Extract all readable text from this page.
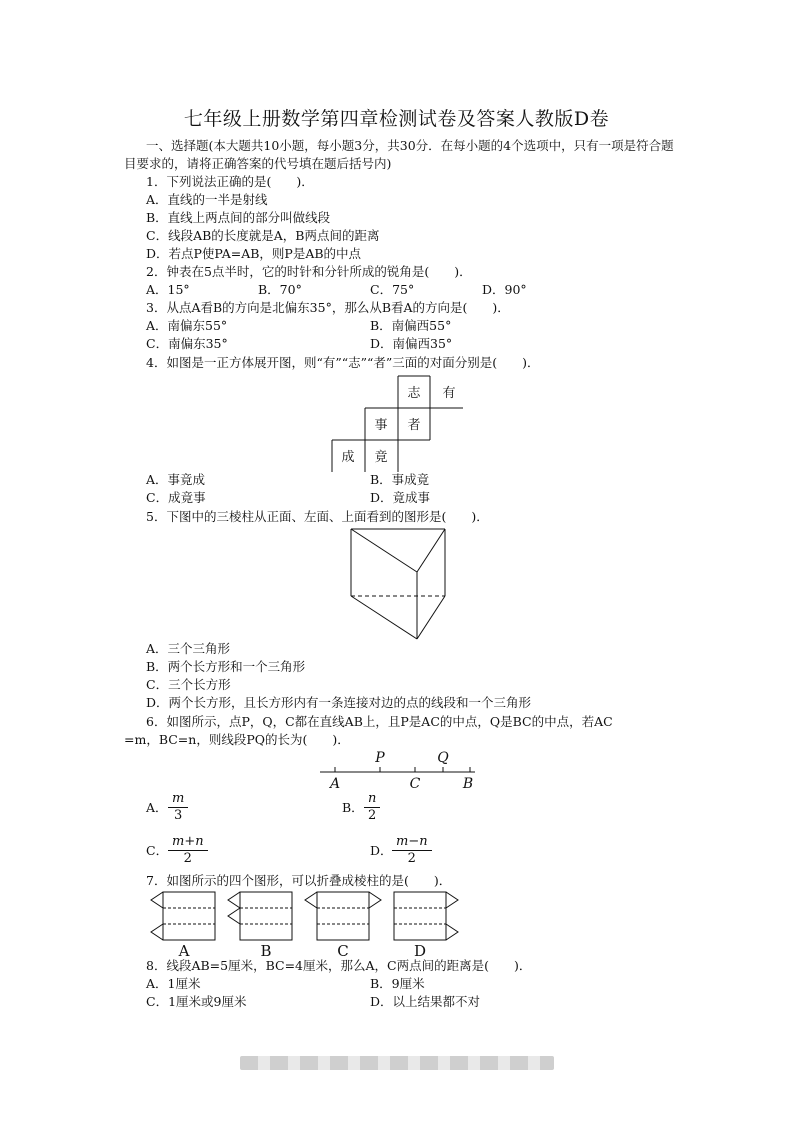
七年级上册数学第四章检测试卷及答案人教版D卷

一、选择题(本大题共10小题，每小题3分，共30分．在每小题的4个选项中，只有一项是符合题目要求的，请将正确答案的代号填在题后括号内)

1．下列说法正确的是(　　)．

A．直线的一半是射线

B．直线上两点间的部分叫做线段

C．线段AB的长度就是A，B两点间的距离

D．若点P使PA=AB，则P是AB的中点

2．钟表在5点半时，它的时针和分针所成的锐角是(　　)．

A．15°	B．70°	C．75°	D．90°

3．从点A看B的方向是北偏东35°，那么从B看A的方向是(　　)．

A．南偏东55°	B．南偏西55°

C．南偏东35°	D．南偏西35°

4．如图是一正方体展开图，则“有”“志”“者”三面的对面分别是(　　)．

志 有
事 者
成 竟

A．事竟成	B．事成竟

C．成竟事	D．竟成事

5．下图中的三棱柱从正面、左面、上面看到的图形是(　　)．

A．三个三角形

B．两个长方形和一个三角形

C．三个长方形

D．两个长方形，且长方形内有一条连接对边的点的线段和一个三角形

6．如图所示，点P，Q，C都在直线AB上，且P是AC的中点，Q是BC的中点，若AC

=m，BC=n，则线段PQ的长为(　　)．

P	Q
A	C	B

A． $\frac{m}{3}$	B． $\frac{n}{2}$

C． $\frac{m+n}{2}$	D． $\frac{m-n}{2}$

7．如图所示的四个图形，可以折叠成棱柱的是(　　)．

A	B	C	D

8．线段AB=5厘米，BC=4厘米，那么A，C两点间的距离是(　　)．

A．1厘米	B．9厘米

C．1厘米或9厘米	D．以上结果都不对
